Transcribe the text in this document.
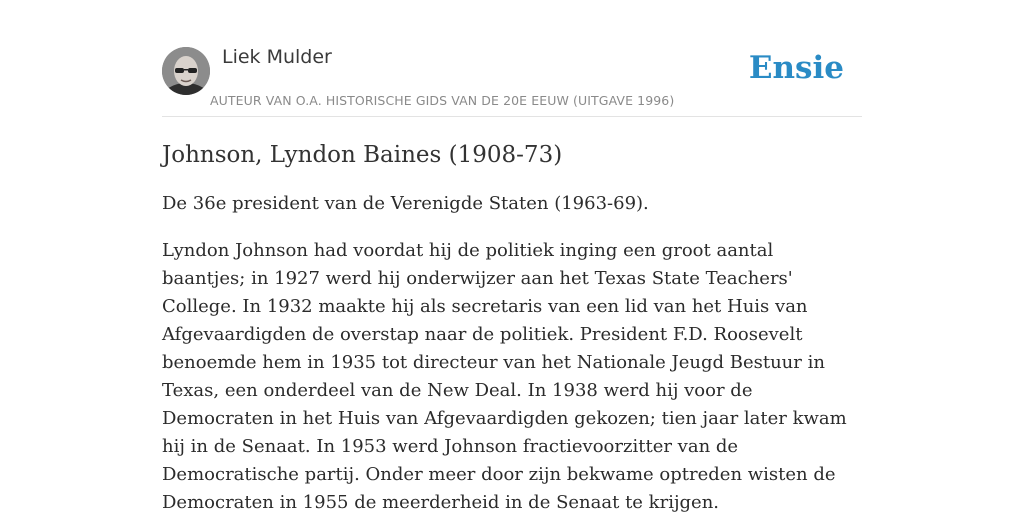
Liek Mulder
AUTEUR VAN O.A. HISTORISCHE GIDS VAN DE 20E EEUW (UITGAVE 1996)
Ensie
Johnson, Lyndon Baines (1908-73)

De 36e president van de Verenigde Staten (1963-69).

Lyndon Johnson had voordat hij de politiek inging een groot aantal baantjes; in 1927 werd hij onderwijzer aan het Texas State Teachers' College. In 1932 maakte hij als secretaris van een lid van het Huis van Afgevaardigden de overstap naar de politiek. President F.D. Roosevelt benoemde hem in 1935 tot directeur van het Nationale Jeugd Bestuur in Texas, een onderdeel van de New Deal. In 1938 werd hij voor de Democraten in het Huis van Afgevaardigden gekozen; tien jaar later kwam hij in de Senaat. In 1953 werd Johnson fractievoorzitter van de Democratische partij. Onder meer door zijn bekwame optreden wisten de Democraten in 1955 de meerderheid in de Senaat te krijgen.
